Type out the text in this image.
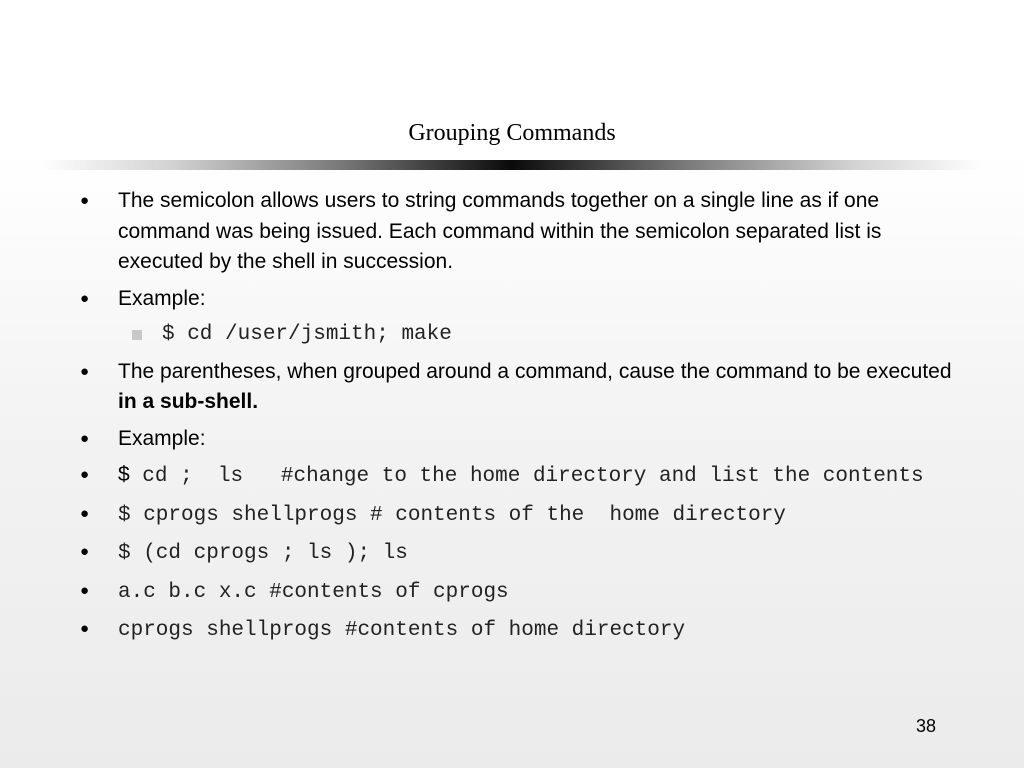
Grouping Commands
● The semicolon allows users to string commands together on a single line as if one command was being issued. Each command within the semicolon separated list is executed by the shell in succession.
● Example:
$ cd /user/jsmith; make
● The parentheses, when grouped around a command, cause the command to be executed in a sub-shell.
● Example:
● $ cd ;  ls   #change to the home directory and list the contents
● $ cprogs shellprogs # contents of the  home directory
● $ (cd cprogs ; ls ); ls
● a.c b.c x.c #contents of cprogs
● cprogs shellprogs #contents of home directory
38
